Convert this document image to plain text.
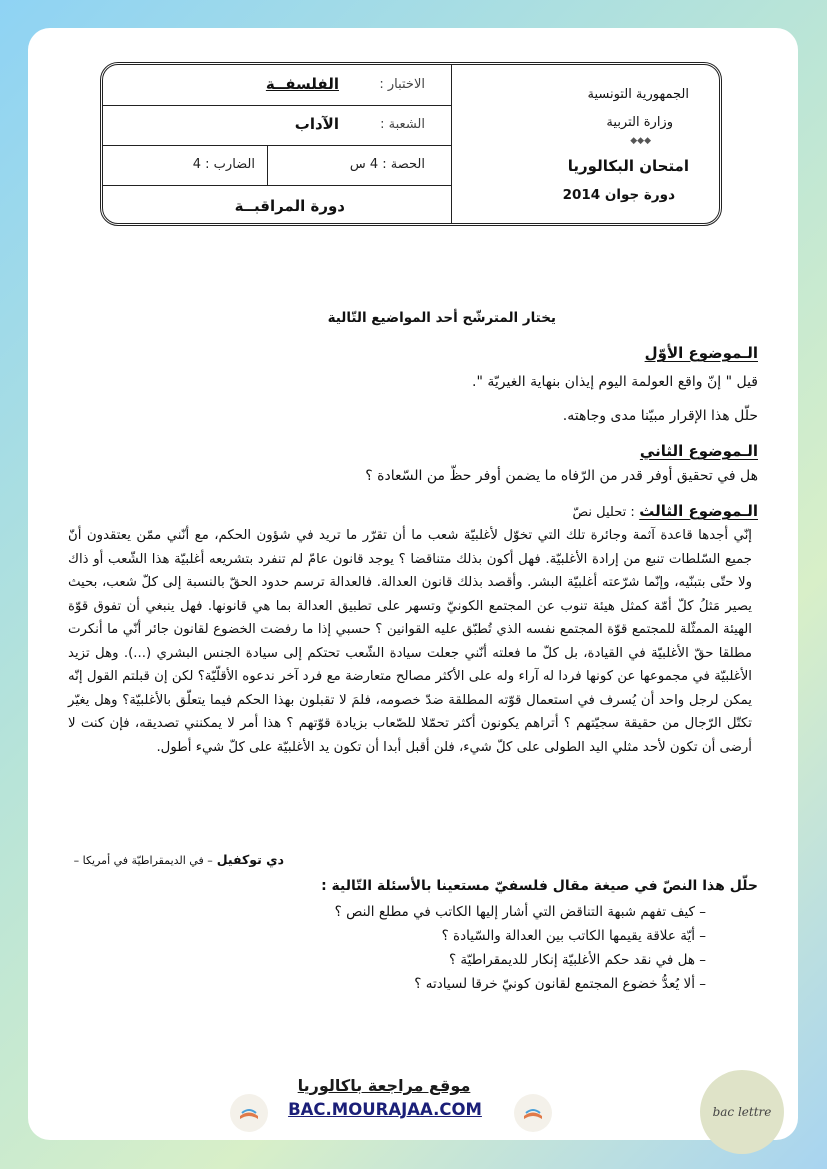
الجمهورية التونسية
وزارة التربية
◆◆◆
امتحان البكالوريا
دورة جوان 2014
الاختبار :
الفلسفــة
الشعبة :
الآداب
الحصة : 4 س
الضارب : 4
دورة المراقبــة
يختار المترشّح أحد المواضيع التّالية
الـموضوع الأوّل
قيل " إنّ واقع العولمة اليوم إيذان بنهاية الغيريّة ".
حلّل هذا الإقرار مبيّنا مدى وجاهته.
الـموضوع الثاني
هل في تحقيق أوفر قدر من الرّفاه ما يضمن أوفر حظّ من السّعادة ؟
الـموضوع الثالث : تحليل نصّ
إنّي أجدها قاعدة آثمة وجائرة تلك التي تخوّل لأغلبيّة شعب ما أن تقرّر ما تريد في شؤون الحكم، مع أنّني ممّن يعتقدون أنّ جميع السّلطات تنبع من إرادة الأغلبيّة. فهل أكون بذلك متناقضا ؟ يوجد قانون عامّ لم تنفرد بتشريعه أغلبيّة هذا الشّعب أو ذاك ولا حتّى بتبنّيه، وإنّما شرّعته أغلبيّة البشر. وأقصد بذلك قانون العدالة. فالعدالة ترسم حدود الحقّ بالنسبة إلى كلّ شعب، بحيث يصير مَثلُ كلّ أمّة كمثل هيئة تنوب عن المجتمع الكونيّ وتسهر على تطبيق العدالة بما هي قانونها. فهل ينبغي أن تفوق قوّة الهيئة الممثّلة للمجتمع قوّة المجتمع نفسه الذي تُطبّق عليه القوانين ؟ حسبي إذا ما رفضت الخضوع لقانون جائر أنّي ما أنكرت مطلقا حقّ الأغلبيّة في القيادة، بل كلّ ما فعلته أنّني جعلت سيادة الشّعب تحتكم إلى سيادة الجنس البشري (...). وهل تزيد الأغلبيّة في مجموعها عن كونها فردا له آراء وله على الأكثر مصالح متعارضة مع فرد آخر ندعوه الأقلّيّة؟ لكن إن قبلتم القول إنّه يمكن لرجل واحد أن يُسرف في استعمال قوّته المطلقة ضدّ خصومه، فلمَ لا تقبلون بهذا الحكم فيما يتعلّق بالأغلبيّة؟ وهل يغيّر تكتّل الرّجال من حقيقة سجيّتهم ؟ أتراهم يكونون أكثر تحمّلا للصّعاب بزيادة قوّتهم ؟ هذا أمر لا يمكنني تصديقه، فإن كنت لا أرضى أن تكون لأحد مثلي اليد الطولى على كلّ شيء، فلن أقبل أبدا أن تكون يد الأغلبيّة على كلّ شيء أطول.
دي توكفيل – في الديمقراطيّة في أمريكا –
حلّل هذا النصّ في صيغة مقال فلسفيّ مستعينا بالأسئلة التّالية :
– كيف تفهم شبهة التناقض التي أشار إليها الكاتب في مطلع النص ؟
– أيّة علاقة يقيمها الكاتب بين العدالة والسّيادة ؟
– هل في نقد حكم الأغلبيّة إنكار للديمقراطيّة ؟
– ألا يُعدُّ خضوع المجتمع لقانون كونيّ خرقا لسيادته ؟
موقع مراجعة باكالوريا
BAC.MOURAJAA.COM	bac lettre
